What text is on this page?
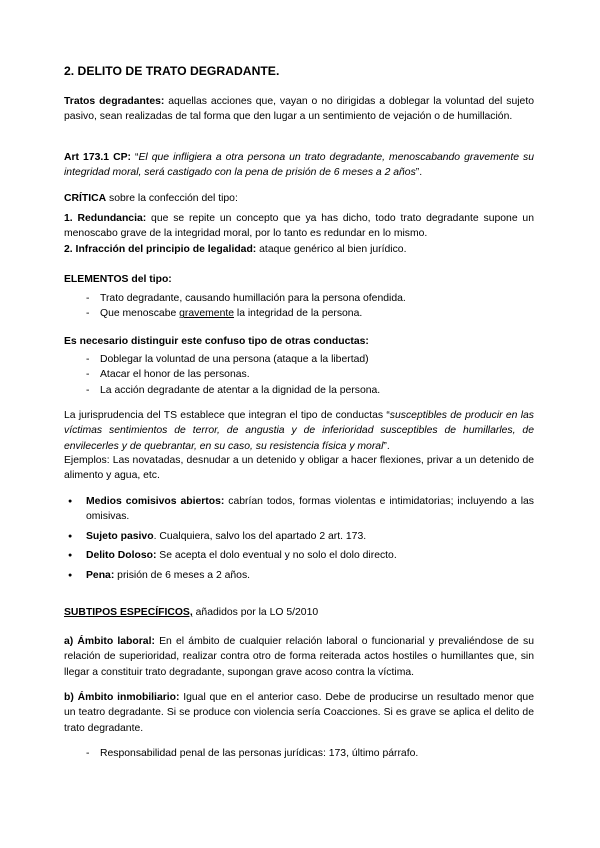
2. DELITO DE TRATO DEGRADANTE.

Tratos degradantes: aquellas acciones que, vayan o no dirigidas a doblegar la voluntad del sujeto pasivo, sean realizadas de tal forma que den lugar a un sentimiento de vejación o de humillación.

Art 173.1 CP: “El que infligiera a otra persona un trato degradante, menoscabando gravemente su integridad moral, será castigado con la pena de prisión de 6 meses a 2 años”.

CRÍTICA sobre la confección del tipo:

1. Redundancia: que se repite un concepto que ya has dicho, todo trato degradante supone un menoscabo grave de la integridad moral, por lo tanto es redundar en lo mismo.
2. Infracción del principio de legalidad: ataque genérico al bien jurídico.

ELEMENTOS del tipo:

- Trato degradante, causando humillación para la persona ofendida.
- Que menoscabe gravemente la integridad de la persona.

Es necesario distinguir este confuso tipo de otras conductas:

- Doblegar la voluntad de una persona (ataque a la libertad)
- Atacar el honor de las personas.
- La acción degradante de atentar a la dignidad de la persona.

La jurisprudencia del TS establece que integran el tipo de conductas “susceptibles de producir en las víctimas sentimientos de terror, de angustia y de inferioridad susceptibles de humillarles, de envilecerles y de quebrantar, en su caso, su resistencia física y moral”.

Ejemplos: Las novatadas, desnudar a un detenido y obligar a hacer flexiones, privar a un detenido de alimento y agua, etc.

● Medios comisivos abiertos: cabrían todos, formas violentas e intimidatorias; incluyendo a las omisivas.
● Sujeto pasivo. Cualquiera, salvo los del apartado 2 art. 173.
● Delito Doloso: Se acepta el dolo eventual y no solo el dolo directo.
● Pena: prisión de 6 meses a 2 años.

SUBTIPOS ESPECÍFICOS, añadidos por la LO 5/2010

a) Ámbito laboral: En el ámbito de cualquier relación laboral o funcionarial y prevaliéndose de su relación de superioridad, realizar contra otro de forma reiterada actos hostiles o humillantes que, sin llegar a constituir trato degradante, supongan grave acoso contra la víctima.

b) Ámbito inmobiliario: Igual que en el anterior caso. Debe de producirse un resultado menor que un teatro degradante. Si se produce con violencia sería Coacciones. Si es grave se aplica el delito de trato degradante.

- Responsabilidad penal de las personas jurídicas: 173, último párrafo.
